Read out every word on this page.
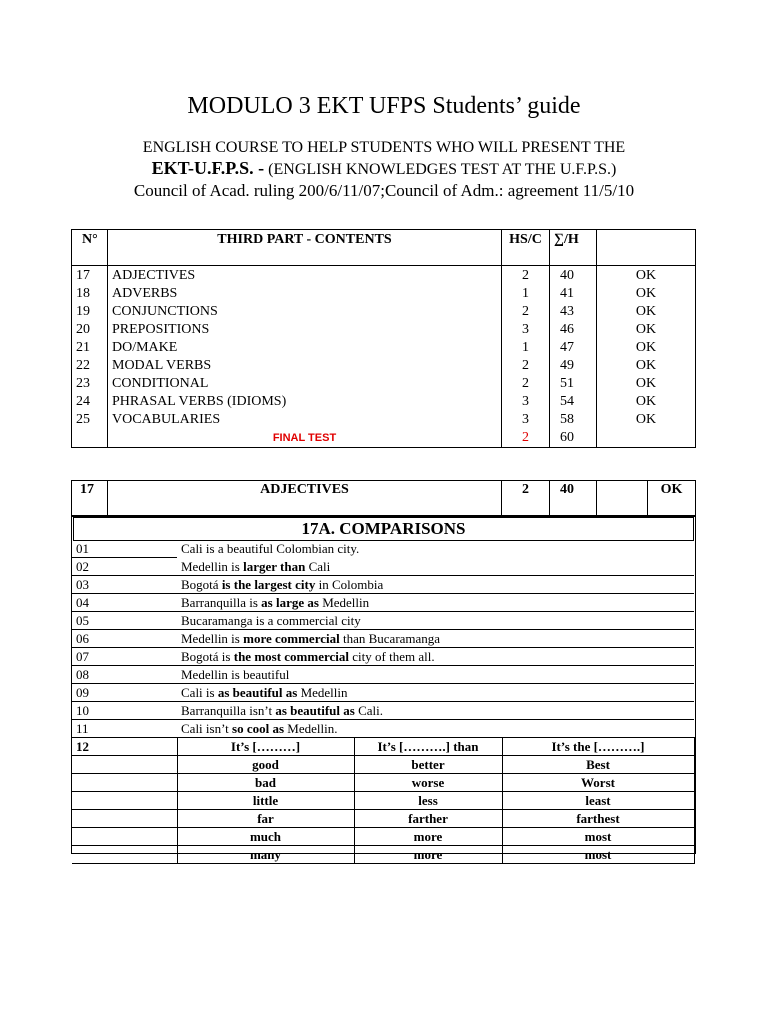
MODULO 3 EKT UFPS Students’ guide
ENGLISH COURSE TO HELP STUDENTS WHO WILL PRESENT THE
EKT-U.F.P.S. - (ENGLISH KNOWLEDGES TEST AT THE U.F.P.S.)
Council of Acad. ruling 200/6/11/07;Council of Adm.: agreement 11/5/10
N°	THIRD PART - CONTENTS	HS/C	∑/H	
17	ADJECTIVES	2	40	OK
18	ADVERBS	1	41	OK
19	CONJUNCTIONS	2	43	OK
20	PREPOSITIONS	3	46	OK
21	DO/MAKE	1	47	OK
22	MODAL VERBS	2	49	OK
23	CONDITIONAL	2	51	OK
24	PHRASAL VERBS (IDIOMS)	3	54	OK
25	VOCABULARIES	3	58	OK
	FINAL TEST	2	60	
17	ADJECTIVES	2	40		OK
17A. COMPARISONS
01	Cali is a beautiful Colombian city.		
02	Medellin is larger than Cali		
03	Bogotá is the largest city in Colombia		
04	Barranquilla is as large as Medellin		
05	Bucaramanga is a commercial city		
06	Medellin is more commercial than Bucaramanga		
07	Bogotá is the most commercial city of them all.		
08	Medellin is beautiful		
09	Cali is as beautiful as Medellin		
10	Barranquilla isn’t as beautiful as Cali.		
11	Cali isn’t so cool as Medellin.		
12	It’s [………]	It’s [……….] than	It’s the [……….]
	good	better	Best
	bad	worse	Worst
	little	less	least
	far	farther	farthest
	much	more	most
	many	more	most
